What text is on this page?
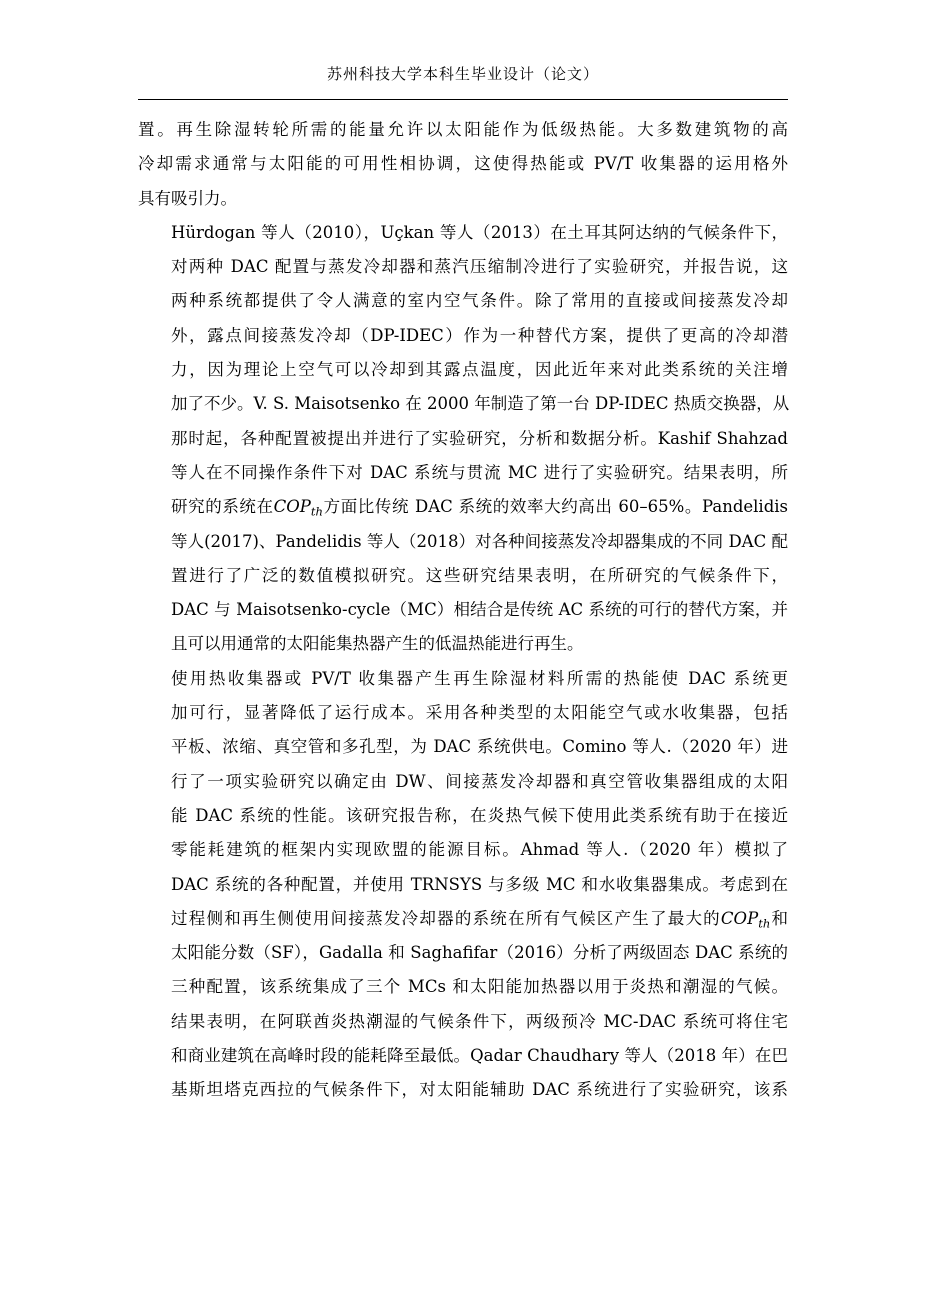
苏州科技大学本科生毕业设计（论文）

置。再生除湿转轮所需的能量允许以太阳能作为低级热能。大多数建筑物的高
冷却需求通常与太阳能的可用性相协调，这使得热能或 PV/T 收集器的运用格外
具有吸引力。

Hürdogan 等人（2010），Uçkan 等人（2013）在土耳其阿达纳的气候条件下，
对两种 DAC 配置与蒸发冷却器和蒸汽压缩制冷进行了实验研究，并报告说，这
两种系统都提供了令人满意的室内空气条件。除了常用的直接或间接蒸发冷却
外，露点间接蒸发冷却（DP-IDEC）作为一种替代方案，提供了更高的冷却潜
力，因为理论上空气可以冷却到其露点温度，因此近年来对此类系统的关注增
加了不少。V. S. Maisotsenko 在 2000 年制造了第一台 DP-IDEC 热质交换器，从
那时起，各种配置被提出并进行了实验研究，分析和数据分析。Kashif Shahzad
等人在不同操作条件下对 DAC 系统与贯流 MC 进行了实验研究。结果表明，所
研究的系统在$COP_{th}$方面比传统 DAC 系统的效率大约高出 60–65%。Pandelidis
等人(2017)、Pandelidis 等人（2018）对各种间接蒸发冷却器集成的不同 DAC 配
置进行了广泛的数值模拟研究。这些研究结果表明，在所研究的气候条件下，
DAC 与 Maisotsenko-cycle（MC）相结合是传统 AC 系统的可行的替代方案，并
且可以用通常的太阳能集热器产生的低温热能进行再生。

使用热收集器或 PV/T 收集器产生再生除湿材料所需的热能使 DAC 系统更
加可行，显著降低了运行成本。采用各种类型的太阳能空气或水收集器，包括
平板、浓缩、真空管和多孔型，为 DAC 系统供电。Comino 等人.（2020 年）进
行了一项实验研究以确定由 DW、间接蒸发冷却器和真空管收集器组成的太阳
能 DAC 系统的性能。该研究报告称，在炎热气候下使用此类系统有助于在接近
零能耗建筑的框架内实现欧盟的能源目标。Ahmad 等人.（2020 年）模拟了
DAC 系统的各种配置，并使用 TRNSYS 与多级 MC 和水收集器集成。考虑到在
过程侧和再生侧使用间接蒸发冷却器的系统在所有气候区产生了最大的$COP_{th}$和
太阳能分数（SF），Gadalla 和 Saghafifar（2016）分析了两级固态 DAC 系统的
三种配置，该系统集成了三个 MCs 和太阳能加热器以用于炎热和潮湿的气候。
结果表明，在阿联酋炎热潮湿的气候条件下，两级预冷 MC-DAC 系统可将住宅
和商业建筑在高峰时段的能耗降至最低。Qadar Chaudhary 等人（2018 年）在巴
基斯坦塔克西拉的气候条件下，对太阳能辅助 DAC 系统进行了实验研究，该系
